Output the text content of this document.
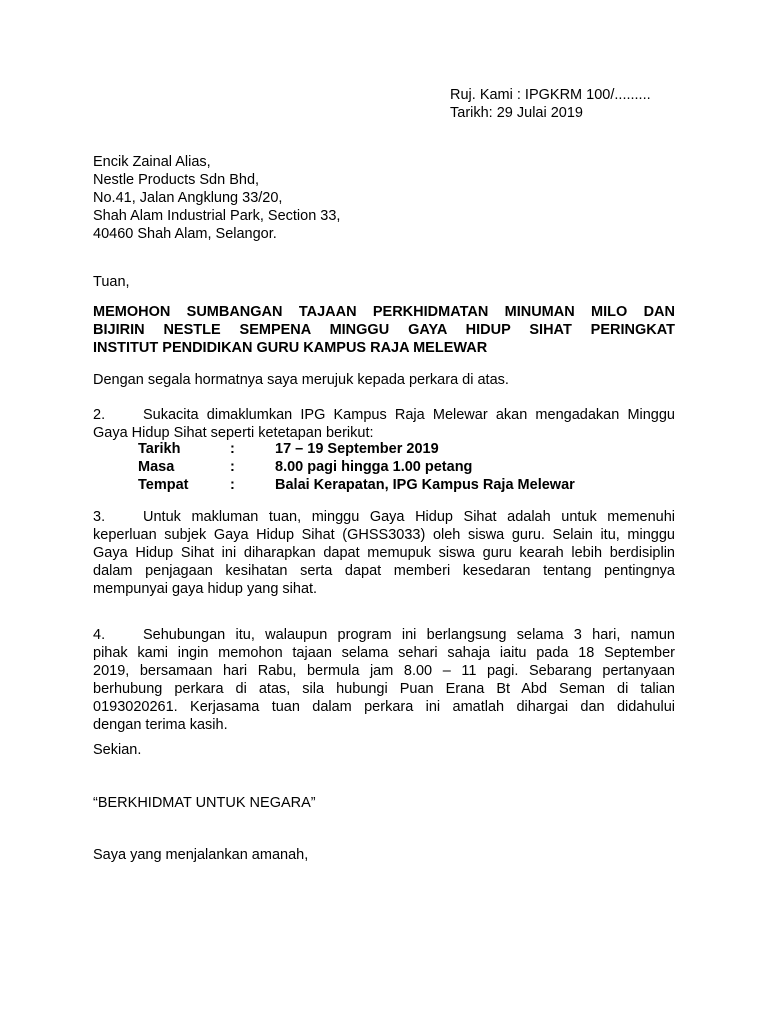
Ruj. Kami : IPGKRM 100/.........
Tarikh: 29 Julai 2019
Encik Zainal Alias,
Nestle Products Sdn Bhd,
No.41, Jalan Angklung 33/20,
Shah Alam Industrial Park, Section 33,
40460 Shah Alam, Selangor.
Tuan,
MEMOHON SUMBANGAN TAJAAN PERKHIDMATAN MINUMAN MILO DAN
BIJIRIN NESTLE SEMPENA MINGGU GAYA HIDUP SIHAT PERINGKAT
INSTITUT PENDIDIKAN GURU KAMPUS RAJA MELEWAR
Dengan segala hormatnya saya merujuk kepada perkara di atas.
2.	Sukacita dimaklumkan IPG Kampus Raja Melewar akan mengadakan Minggu
Gaya Hidup Sihat seperti ketetapan berikut:
Tarikh	:	17 – 19 September 2019
Masa	:	8.00 pagi hingga 1.00 petang
Tempat	:	Balai Kerapatan, IPG Kampus Raja Melewar
3.	Untuk makluman tuan, minggu Gaya Hidup Sihat adalah untuk memenuhi
keperluan subjek Gaya Hidup Sihat (GHSS3033) oleh siswa guru. Selain itu, minggu
Gaya Hidup Sihat ini diharapkan dapat memupuk siswa guru kearah lebih berdisiplin
dalam penjagaan kesihatan serta dapat memberi kesedaran tentang pentingnya
mempunyai gaya hidup yang sihat.
4.	Sehubungan itu, walaupun program ini berlangsung selama 3 hari, namun
pihak kami ingin memohon tajaan selama sehari sahaja iaitu pada 18 September
2019, bersamaan hari Rabu, bermula jam 8.00 – 11 pagi. Sebarang pertanyaan
berhubung perkara di atas, sila hubungi Puan Erana Bt Abd Seman di talian
0193020261. Kerjasama tuan dalam perkara ini amatlah dihargai dan didahului
dengan terima kasih.
Sekian.
“BERKHIDMAT UNTUK NEGARA”
Saya yang menjalankan amanah,
